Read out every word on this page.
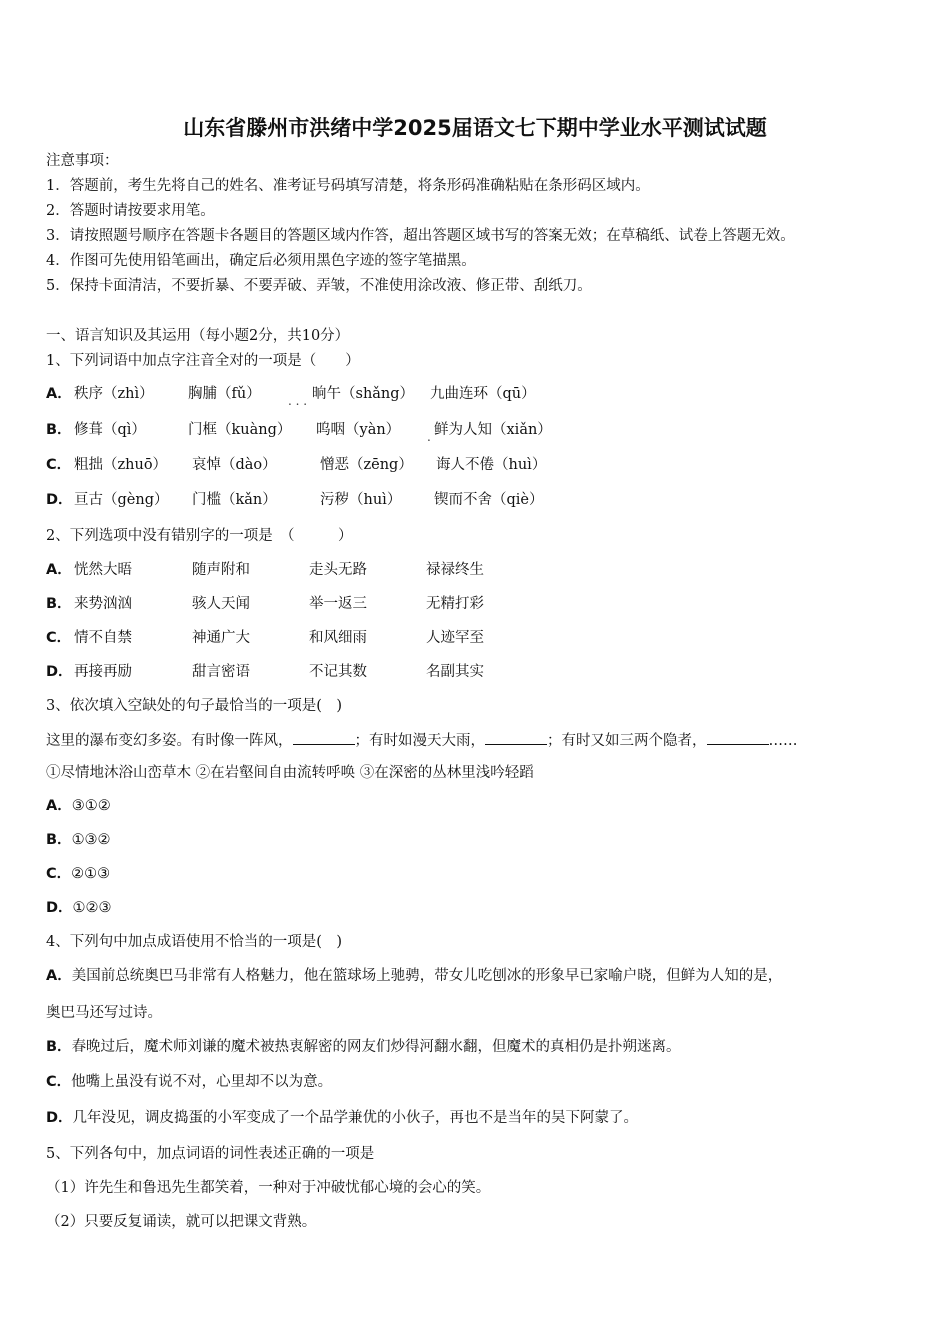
山东省滕州市洪绪中学2025届语文七下期中学业水平测试试题
注意事项：
1．答题前，考生先将自己的姓名、准考证号码填写清楚，将条形码准确粘贴在条形码区域内。
2．答题时请按要求用笔。
3．请按照题号顺序在答题卡各题目的答题区域内作答，超出答题区域书写的答案无效；在草稿纸、试卷上答题无效。
4．作图可先使用铅笔画出，确定后必须用黑色字迹的签字笔描黑。
5．保持卡面清洁，不要折暴、不要弄破、弄皱，不准使用涂改液、修正带、刮纸刀。
一、语言知识及其运用（每小题2分，共10分）
1、下列词语中加点字注音全对的一项是（　　）
A． 秩序（zhì） 胸脯（fǔ）	晌午（shǎng） 九曲连环（qū）
. . .
B． 修葺（qì）	门框（kuàng） 呜咽（yàn） 鲜为人知（xiǎn）
.
C． 粗拙（zhuō） 哀悼（dào）	憎恶（zēng） 诲人不倦（huì）
D． 亘古（gèng） 门槛（kǎn）	污秽（huì） 锲而不舍（qiè）
2、下列选项中没有错别字的一项是　（　　　）
A． 恍然大晤	随声附和	走头无路	禄禄终生
B． 来势汹汹	骇人天闻	举一返三	无精打彩
C． 情不自禁	神通广大	和风细雨	人迹罕至
D． 再接再励	甜言密语	不记其数	名副其实
3、依次填入空缺处的句子最恰当的一项是(　)
这里的瀑布变幻多姿。有时像一阵风，	；有时如漫天大雨，	；有时又如三两个隐者，	……
①尽情地沐浴山峦草木 ②在岩壑间自由流转呼唤 ③在深密的丛林里浅吟轻蹈
A．③①②
B．①③②
C．②①③
D．①②③
4、下列句中加点成语使用不恰当的一项是(　)
A．美国前总统奥巴马非常有人格魅力，他在篮球场上驰骋，带女儿吃刨冰的形象早已家喻户晓，但鲜为人知的是，
奥巴马还写过诗。
B．春晚过后，魔术师刘谦的魔术被热衷解密的网友们炒得河翻水翻，但魔术的真相仍是扑朔迷离。
C．他嘴上虽没有说不对，心里却不以为意。
D．几年没见，调皮捣蛋的小军变成了一个品学兼优的小伙子，再也不是当年的吴下阿蒙了。
5、下列各句中，加点词语的词性表述正确的一项是
（1）许先生和鲁迅先生都笑着，一种对于冲破忧郁心境的会心的笑。
（2）只要反复诵读，就可以把课文背熟。
